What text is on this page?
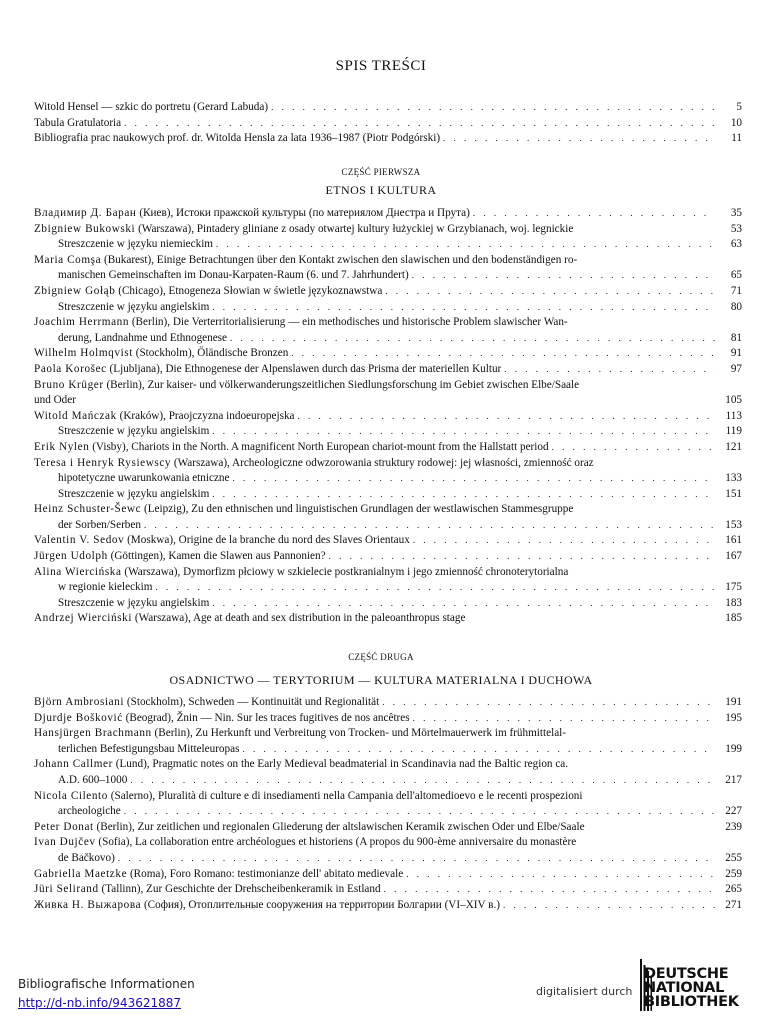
SPIS TREŚCI
Witold Hensel — szkic do portretu (Gerard Labuda) . . .	5
Tabula Gratulatoria . . .	10
Bibliografia prac naukowych prof. dr. Witolda Hensla za lata 1936–1987 (Piotr Podgórski) . . .	11
CZĘŚĆ PIERWSZA
ETNOS I KULTURA
Владимир Д. Баран (Киев), Истоки пражской культуры (по материялом Днестра и Прута) . . .	35
Zbigniew Bukowski (Warszawa), Pintadery gliniane z osady otwartej kultury łużyckiej w Grzybianach, woj. legnickie	53
Streszczenie w języku niemieckim . . .	63
Maria Comşa (Bukarest), Einige Betrachtungen über den Kontakt zwischen den slawischen und den bodenständigen ro-
manischen Gemeinschaften im Donau-Karpaten-Raum (6. und 7. Jahrhundert) . . .	65
Zbigniew Gołąb (Chicago), Etnogeneza Słowian w świetle językoznawstwa . . .	71
Streszczenie w języku angielskim . . .	80
Joachim Herrmann (Berlin), Die Verterritorialisierung — ein methodisches und historische Problem slawischer Wan-
derung, Landnahme und Ethnogenese . . .	81
Wilhelm Holmqvist (Stockholm), Öländische Bronzen . . .	91
Paola Korošec (Ljubljana), Die Ethnogenese der Alpenslawen durch das Prisma der materiellen Kultur . . .	97
Bruno Krüger (Berlin), Zur kaiser- und völkerwanderungszeitlichen Siedlungsforschung im Gebiet zwischen Elbe/Saale
und Oder	105
Witold Mańczak (Kraków), Praojczyzna indoeuropejska . . .	113
Streszczenie w języku angielskim . . .	119
Erik Nylen (Visby), Chariots in the North. A magnificent North European chariot-mount from the Hallstatt period . . .	121
Teresa i Henryk Rysiewscy (Warszawa), Archeologiczne odwzorowania struktury rodowej: jej własności, zmienność oraz
hipotetyczne uwarunkowania etniczne . . .	133
Streszczenie w języku angielskim . . .	151
Heinz Schuster-Šewc (Leipzig), Zu den ethnischen und linguistischen Grundlagen der westlawischen Stammesgruppe
der Sorben/Serben . . .	153
Valentin V. Sedov (Moskwa), Origine de la branche du nord des Slaves Orientaux . . .	161
Jürgen Udolph (Göttingen), Kamen die Slawen aus Pannonien? . . .	167
Alina Wiercińska (Warszawa), Dymorfizm płciowy w szkielecie postkranialnym i jego zmienność chronoterytorialna
w regionie kieleckim . . .	175
Streszczenie w języku angielskim . . .	183
Andrzej Wierciński (Warszawa), Age at death and sex distribution in the paleoanthropus stage	185
CZĘŚĆ DRUGA
OSADNICTWO — TERYTORIUM — KULTURA MATERIALNA I DUCHOWA
Björn Ambrosiani (Stockholm), Schweden — Kontinuität und Regionalität . . .	191
Djurdje Bošković (Beograd), Žnin — Nin. Sur les traces fugitives de nos ancêtres . . .	195
Hansjürgen Brachmann (Berlin), Zu Herkunft und Verbreitung von Trocken- und Mörtelmauerwerk im frühmittelal-
terlichen Befestigungsbau Mitteleuropas . . .	199
Johann Callmer (Lund), Pragmatic notes on the Early Medieval beadmaterial in Scandinavia nad the Baltic region ca.
A.D. 600–1000 . . .	217
Nicola Cilento (Salerno), Pluralità di culture e di insediamenti nella Campania dell'altomedioevo e le recenti prospezioni
archeologiche . . .	227
Peter Donat (Berlin), Zur zeitlichen und regionalen Gliederung der altslawischen Keramik zwischen Oder und Elbe/Saale	239
Ivan Dujčev (Sofia), La collaboration entre archéologues et historiens (A propos du 900-ème anniversaire du monastère
de Bačkovo) . . .	255
Gabriella Maetzke (Roma), Foro Romano: testimonianze dell' abitato medievale . . .	259
Jüri Selirand (Tallinn), Zur Geschichte der Drehscheibenkeramik in Estland . . .	265
Живка Н. Выжарова (София), Отоплительные сооружения на территории Болгарии (VI–XIV в.) . . .	271
Bibliografische Informationen
http://d-nb.info/943621887
digitalisiert durch
DEUTSCHE
NATIONAL
BIBLIOTHEK
